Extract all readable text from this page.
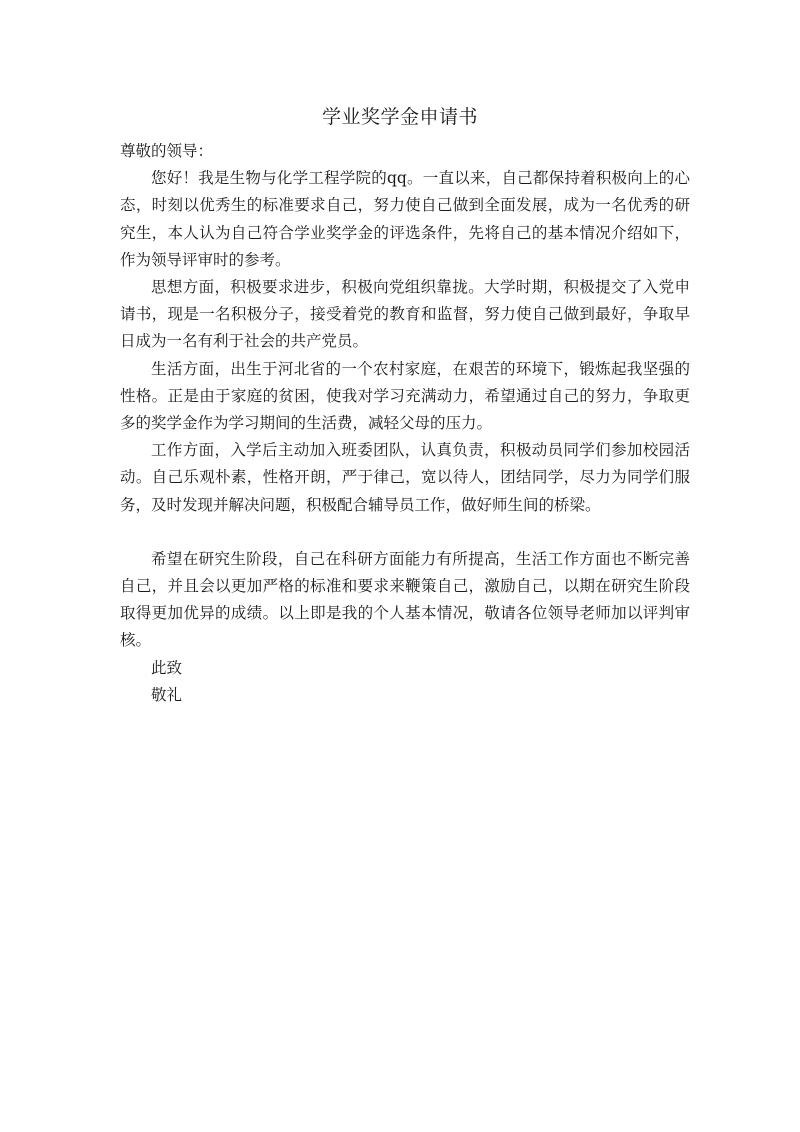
学业奖学金申请书

尊敬的领导：

您好！我是生物与化学工程学院的qq。一直以来，自己都保持着积极向上的心态，时刻以优秀生的标准要求自己，努力使自己做到全面发展，成为一名优秀的研究生，本人认为自己符合学业奖学金的评选条件，先将自己的基本情况介绍如下，作为领导评审时的参考。

思想方面，积极要求进步，积极向党组织靠拢。大学时期，积极提交了入党申请书，现是一名积极分子，接受着党的教育和监督，努力使自己做到最好，争取早日成为一名有利于社会的共产党员。

生活方面，出生于河北省的一个农村家庭，在艰苦的环境下，锻炼起我坚强的性格。正是由于家庭的贫困，使我对学习充满动力，希望通过自己的努力，争取更多的奖学金作为学习期间的生活费，减轻父母的压力。

工作方面，入学后主动加入班委团队，认真负责，积极动员同学们参加校园活动。自己乐观朴素，性格开朗，严于律己，宽以待人，团结同学，尽力为同学们服务，及时发现并解决问题，积极配合辅导员工作，做好师生间的桥梁。

希望在研究生阶段，自己在科研方面能力有所提高，生活工作方面也不断完善自己，并且会以更加严格的标准和要求来鞭策自己，激励自己，以期在研究生阶段取得更加优异的成绩。以上即是我的个人基本情况，敬请各位领导老师加以评判审核。

此致

敬礼
